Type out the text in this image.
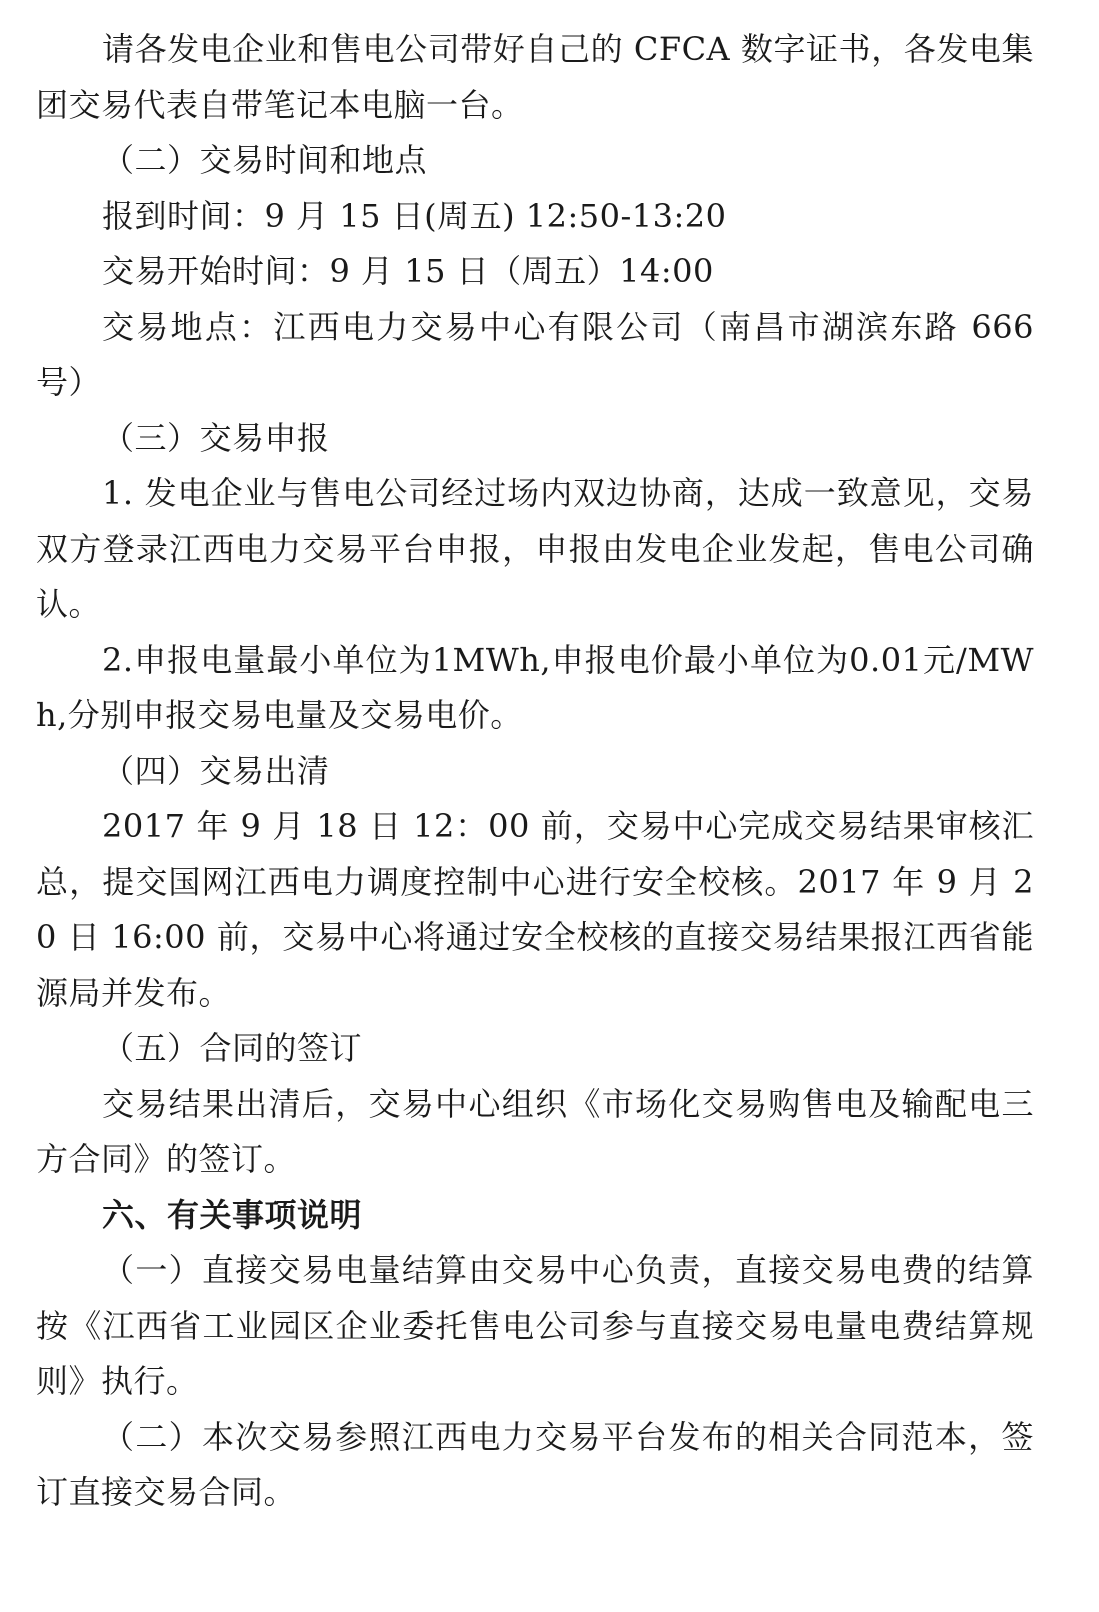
请各发电企业和售电公司带好自己的 CFCA 数字证书，各发电集团交易代表自带笔记本电脑一台。

（二）交易时间和地点

报到时间：9 月 15 日(周五) 12:50-13:20

交易开始时间：9 月 15 日（周五）14:00

交易地点：江西电力交易中心有限公司（南昌市湖滨东路 666 号）

（三）交易申报

1. 发电企业与售电公司经过场内双边协商，达成一致意见，交易双方登录江西电力交易平台申报，申报由发电企业发起，售电公司确认。

2.申报电量最小单位为1MWh,申报电价最小单位为0.01元/MWh,分别申报交易电量及交易电价。

（四）交易出清

2017 年 9 月 18 日 12：00 前，交易中心完成交易结果审核汇总，提交国网江西电力调度控制中心进行安全校核。2017 年 9 月 20 日 16:00 前，交易中心将通过安全校核的直接交易结果报江西省能源局并发布。

（五）合同的签订

交易结果出清后，交易中心组织《市场化交易购售电及输配电三方合同》的签订。

六、有关事项说明

（一）直接交易电量结算由交易中心负责，直接交易电费的结算按《江西省工业园区企业委托售电公司参与直接交易电量电费结算规则》执行。

（二）本次交易参照江西电力交易平台发布的相关合同范本，签订直接交易合同。
